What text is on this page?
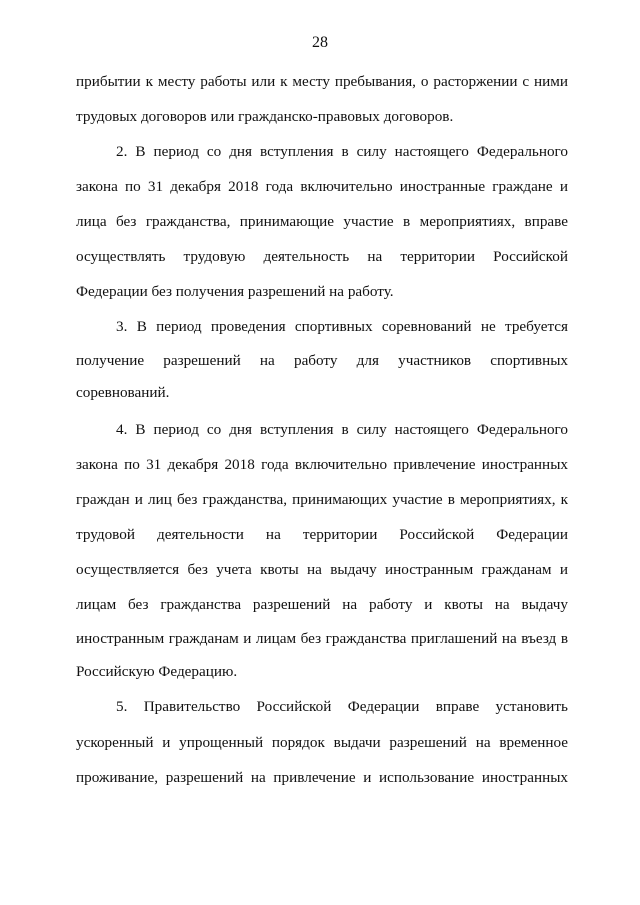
28
прибытии к месту работы или к месту пребывания, о расторжении с ними
трудовых договоров или гражданско-правовых договоров.
2. В период со дня вступления в силу настоящего Федерального
закона по 31 декабря 2018 года включительно иностранные граждане и
лица без гражданства, принимающие участие в мероприятиях, вправе
осуществлять трудовую деятельность на территории Российской
Федерации без получения разрешений на работу.
3. В период проведения спортивных соревнований не требуется
получение разрешений на работу для участников спортивных
соревнований.
4. В период со дня вступления в силу настоящего Федерального
закона по 31 декабря 2018 года включительно привлечение иностранных
граждан и лиц без гражданства, принимающих участие в мероприятиях, к
трудовой деятельности на территории Российской Федерации
осуществляется без учета квоты на выдачу иностранным гражданам и
лицам без гражданства разрешений на работу и квоты на выдачу
иностранным гражданам и лицам без гражданства приглашений на въезд в
Российскую Федерацию.
5. Правительство Российской Федерации вправе установить
ускоренный и упрощенный порядок выдачи разрешений на временное
проживание, разрешений на привлечение и использование иностранных
